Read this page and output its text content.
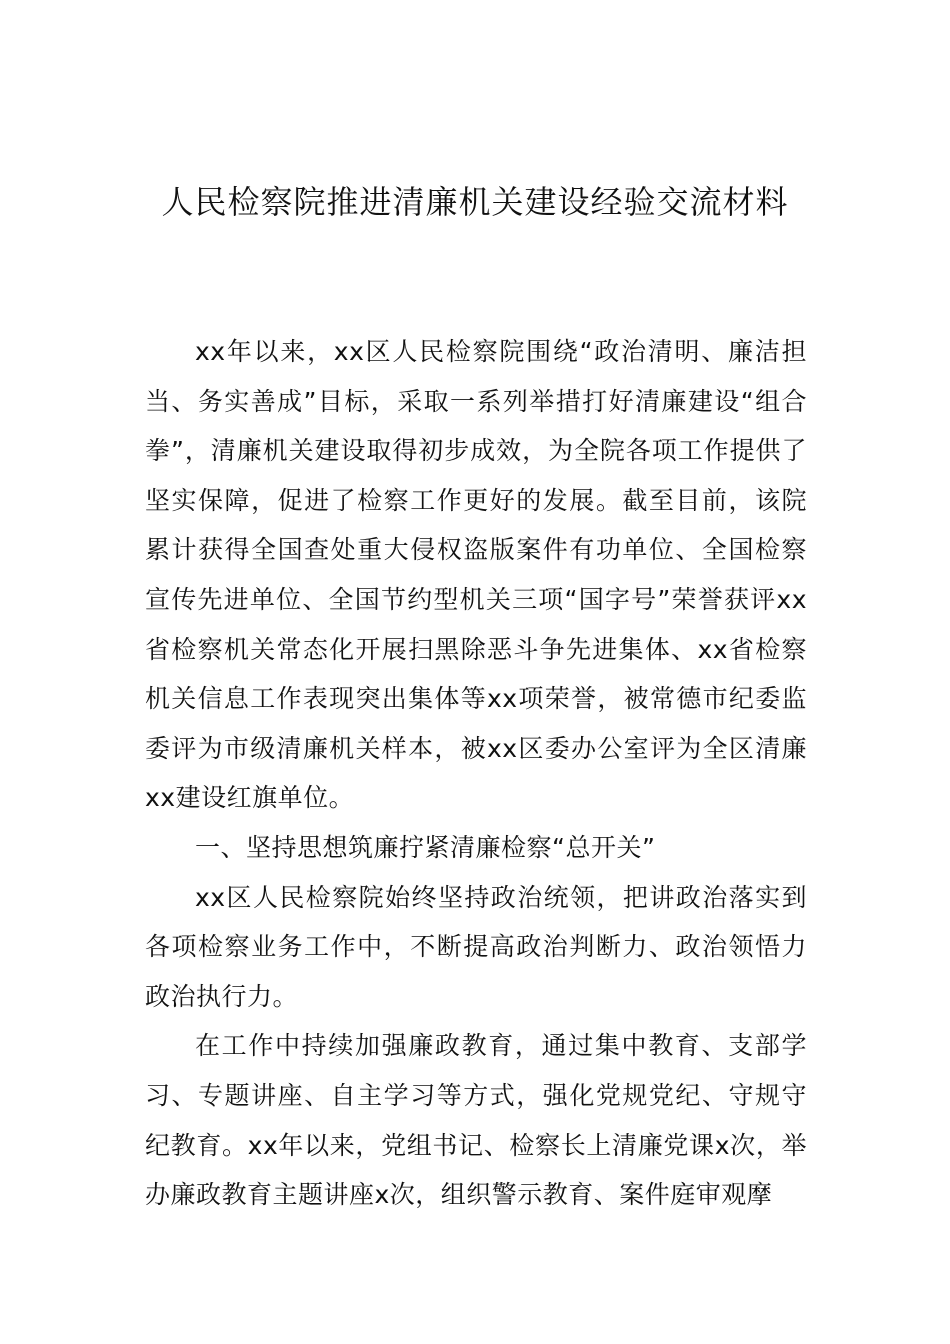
人民检察院推进清廉机关建设经验交流材料

xx年以来，xx区人民检察院围绕“政治清明、廉洁担当、务实善成”目标，采取一系列举措打好清廉建设“组合拳”，清廉机关建设取得初步成效，为全院各项工作提供了坚实保障，促进了检察工作更好的发展。截至目前，该院累计获得全国查处重大侵权盗版案件有功单位、全国检察宣传先进单位、全国节约型机关三项“国字号”荣誉获评xx省检察机关常态化开展扫黑除恶斗争先进集体、xx省检察机关信息工作表现突出集体等xx项荣誉，被常德市纪委监委评为市级清廉机关样本，被xx区委办公室评为全区清廉xx建设红旗单位。

一、坚持思想筑廉拧紧清廉检察“总开关”

xx区人民检察院始终坚持政治统领，把讲政治落实到各项检察业务工作中，不断提高政治判断力、政治领悟力政治执行力。

在工作中持续加强廉政教育，通过集中教育、支部学习、专题讲座、自主学习等方式，强化党规党纪、守规守纪教育。xx年以来，党组书记、检察长上清廉党课x次，举办廉政教育主题讲座x次，组织警示教育、案件庭审观摩
